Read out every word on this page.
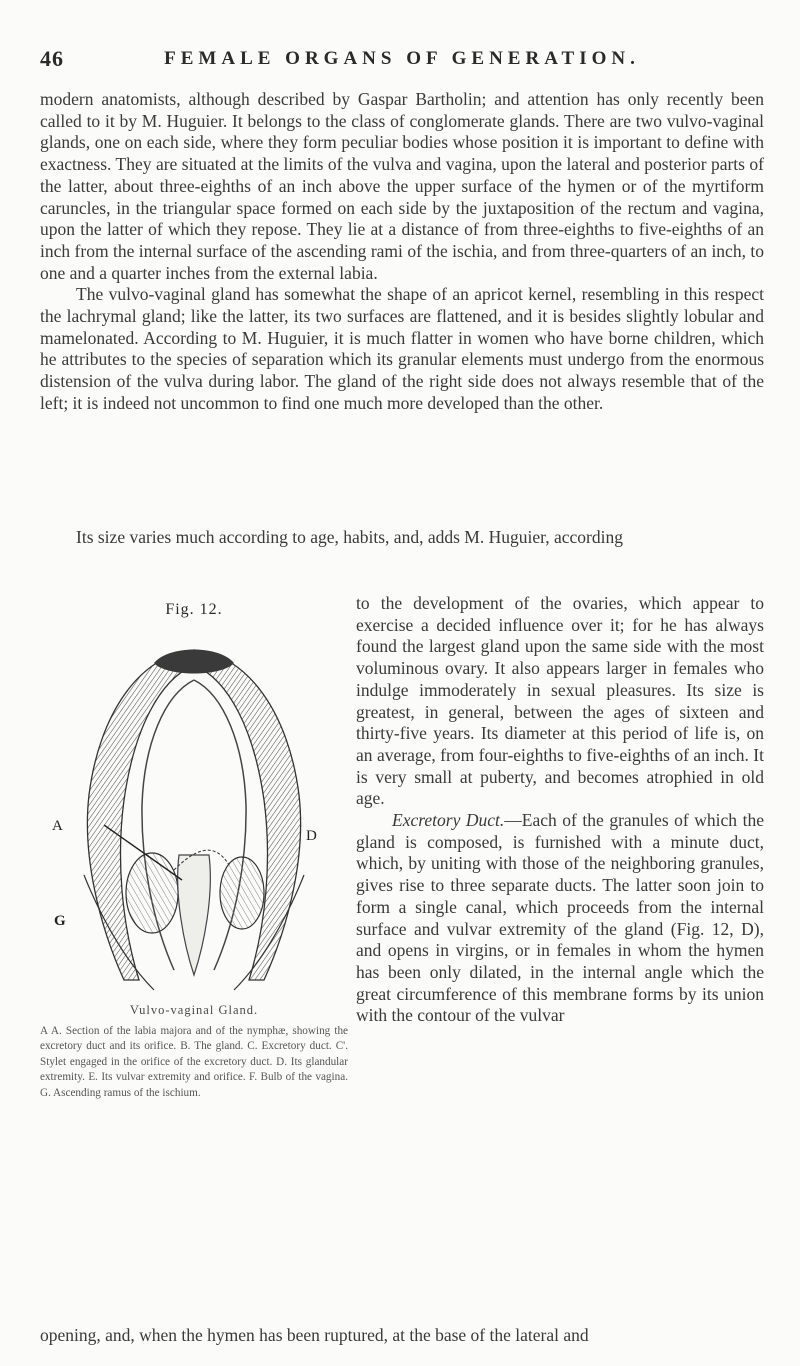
46	FEMALE ORGANS OF GENERATION.

modern anatomists, although described by Gaspar Bartholin; and attention has only recently been called to it by M. Huguier. It belongs to the class of conglomerate glands. There are two vulvo-vaginal glands, one on each side, where they form peculiar bodies whose position it is important to define with exactness. They are situated at the limits of the vulva and vagina, upon the lateral and posterior parts of the latter, about three-eighths of an inch above the upper surface of the hymen or of the myrtiform caruncles, in the triangular space formed on each side by the juxtaposition of the rectum and vagina, upon the latter of which they repose. They lie at a distance of from three-eighths to five-eighths of an inch from the internal surface of the ascending rami of the ischia, and from three-quarters of an inch, to one and a quarter inches from the external labia.

The vulvo-vaginal gland has somewhat the shape of an apricot kernel, resembling in this respect the lachrymal gland; like the latter, its two surfaces are flattened, and it is besides slightly lobular and mamelonated. According to M. Huguier, it is much flatter in women who have borne children, which he attributes to the species of separation which its granular elements must undergo from the enormous distension of the vulva during labor. The gland of the right side does not always resemble that of the left; it is indeed not uncommon to find one much more developed than the other.

Its size varies much according to age, habits, and, adds M. Huguier, according

Fig. 12.
A
G
D
Vulvo-vaginal Gland.
A A. Section of the labia majora and of the nymphæ, showing the excretory duct and its orifice. B. The gland. C. Excretory duct. C'. Stylet engaged in the orifice of the excretory duct. D. Its glandular extremity. E. Its vulvar extremity and orifice. F. Bulb of the vagina. G. Ascending ramus of the ischium.

to the development of the ovaries, which appear to exercise a decided influence over it; for he has always found the largest gland upon the same side with the most voluminous ovary. It also appears larger in females who indulge immoderately in sexual pleasures. Its size is greatest, in general, between the ages of sixteen and thirty-five years. Its diameter at this period of life is, on an average, from four-eighths to five-eighths of an inch. It is very small at puberty, and becomes atrophied in old age.

Excretory Duct.—Each of the granules of which the gland is composed, is furnished with a minute duct, which, by uniting with those of the neighboring granules, gives rise to three separate ducts. The latter soon join to form a single canal, which proceeds from the internal surface and vulvar extremity of the gland (Fig. 12, D), and opens in virgins, or in females in whom the hymen has been only dilated, in the internal angle which the great circumference of this membrane forms by its union with the contour of the vulvar

opening, and, when the hymen has been ruptured, at the base of the lateral and
